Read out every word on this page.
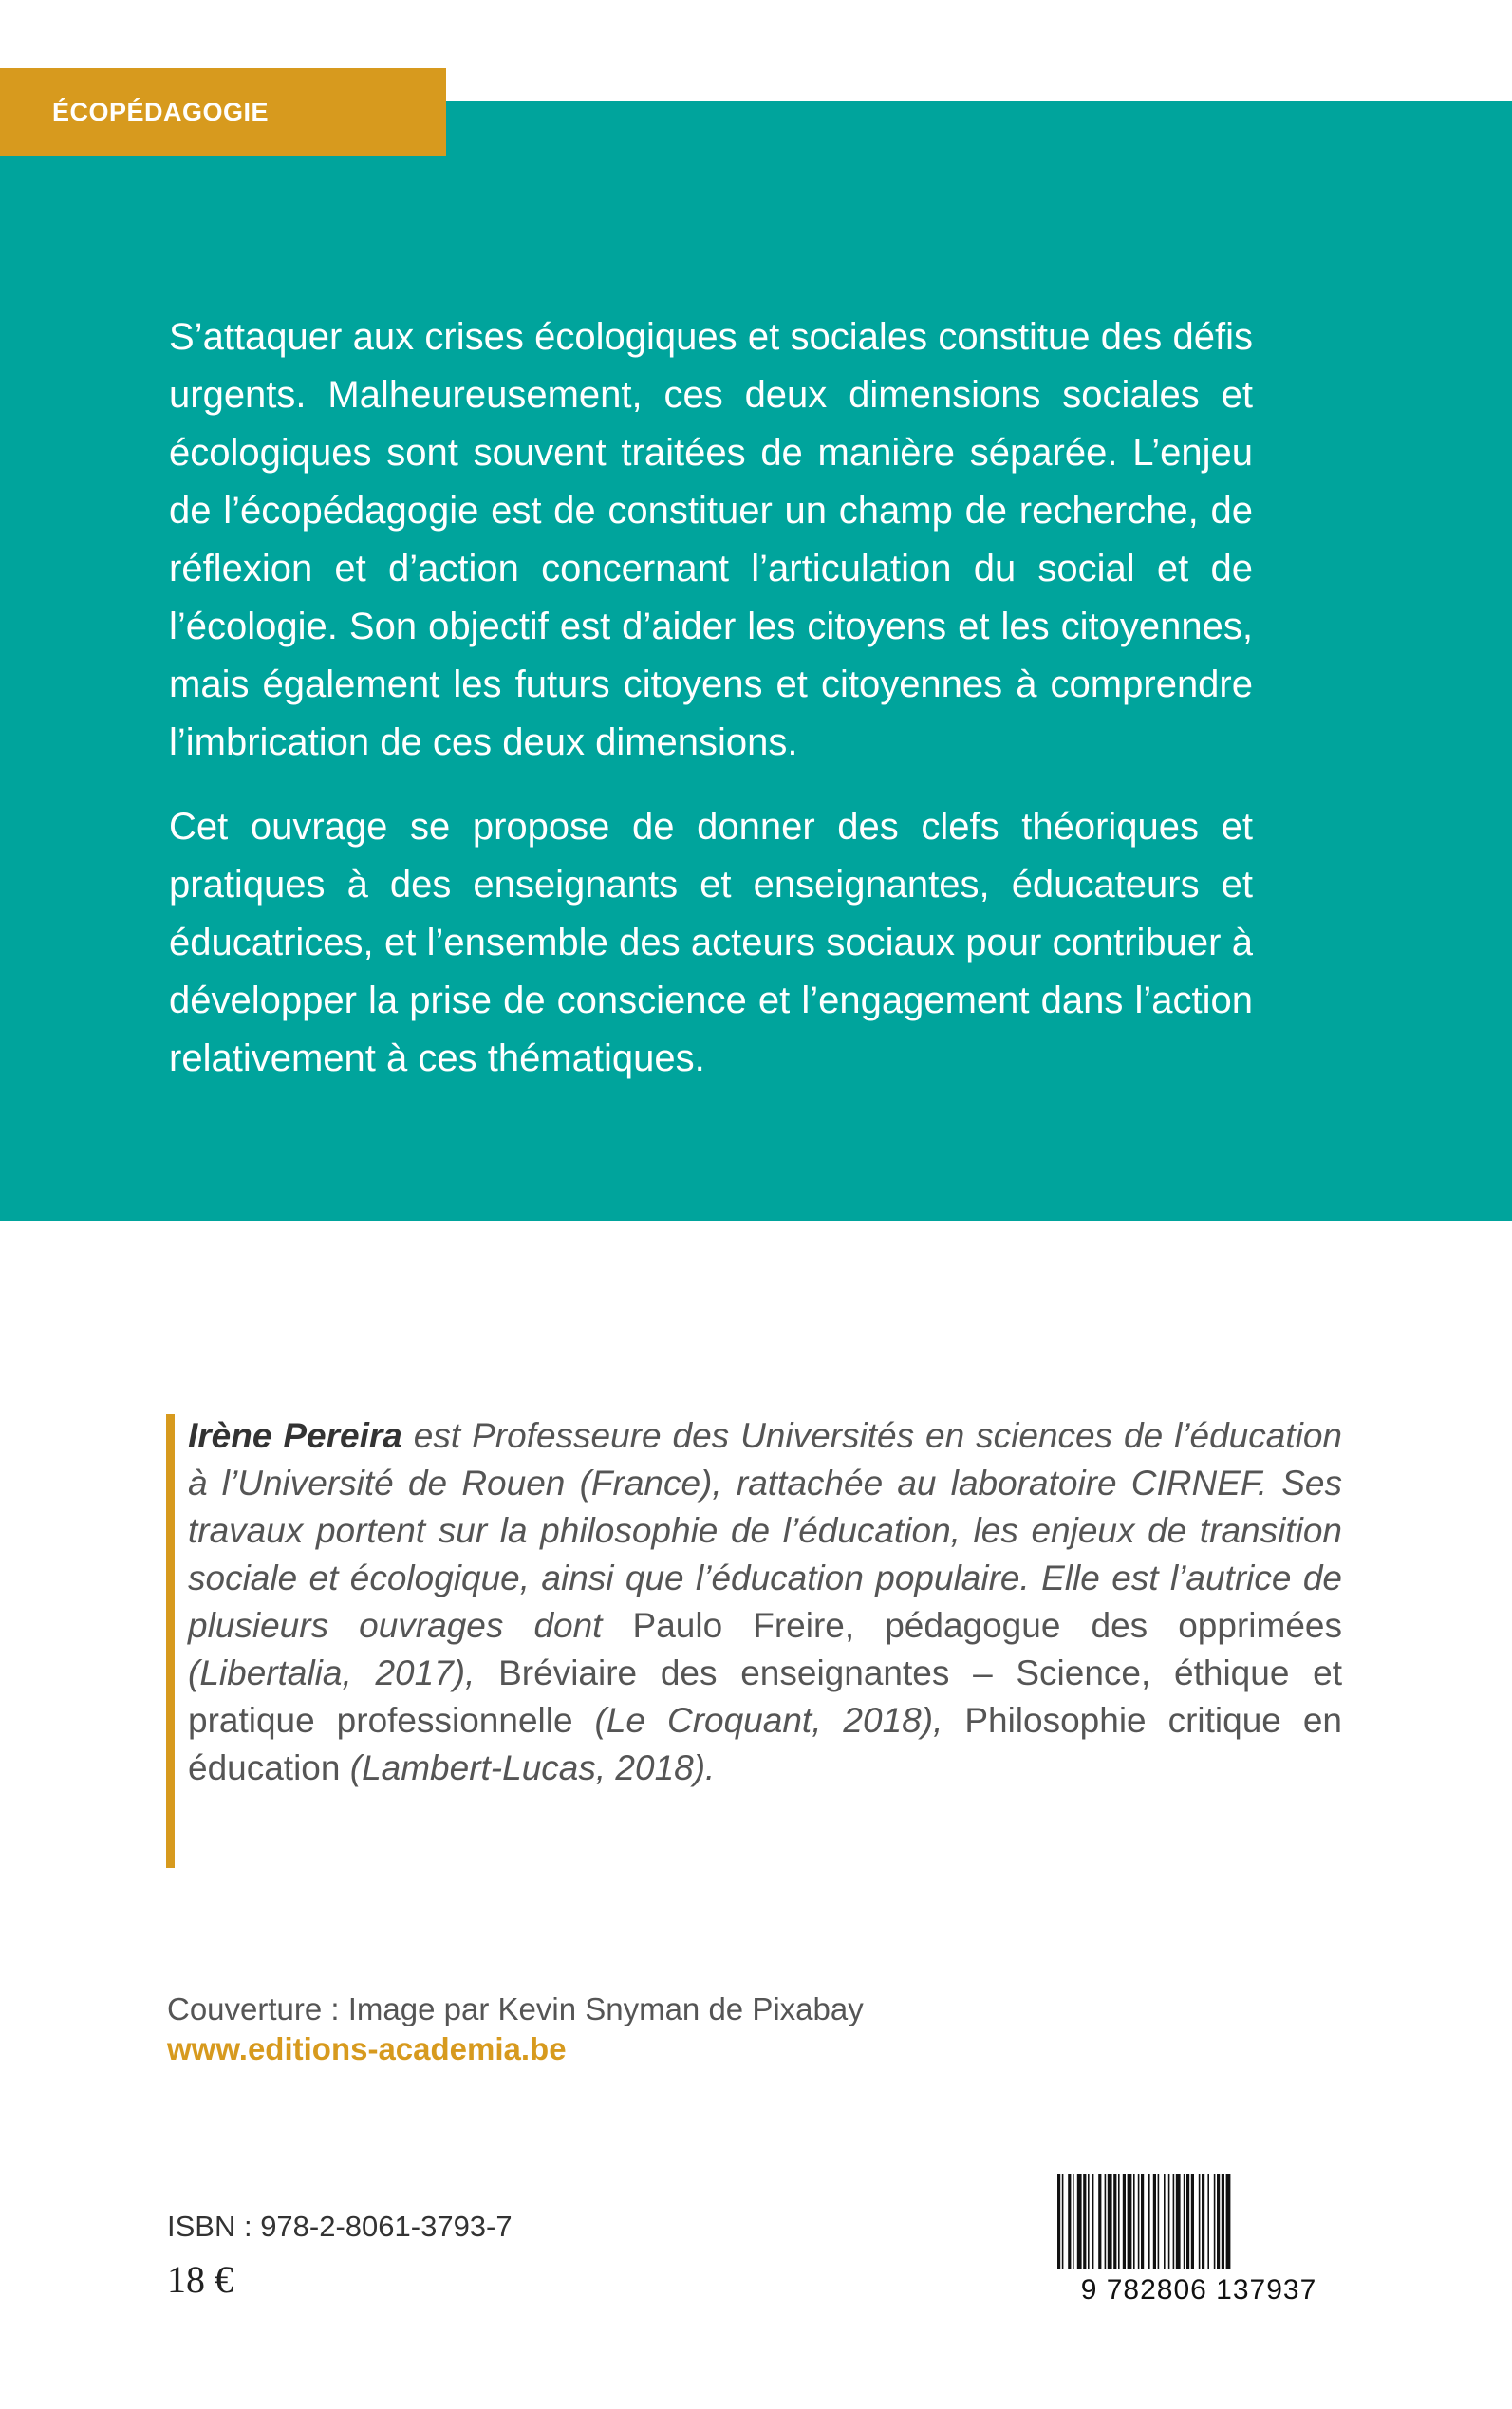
ÉCOPÉDAGOGIE

S’attaquer aux crises écologiques et sociales constitue des défis urgents. Malheureusement, ces deux dimensions sociales et écologiques sont souvent traitées de manière séparée. L’enjeu de l’écopédagogie est de constituer un champ de recherche, de réflexion et d’action concernant l’articulation du social et de l’écologie. Son objectif est d’aider les citoyens et les citoyennes, mais également les futurs citoyens et citoyennes à comprendre l’imbrication de ces deux dimensions.

Cet ouvrage se propose de donner des clefs théoriques et pratiques à des enseignants et enseignantes, éducateurs et éducatrices, et l’ensemble des acteurs sociaux pour contribuer à développer la prise de conscience et l’engagement dans l’action relativement à ces thématiques.

Irène Pereira est Professeure des Universités en sciences de l’éducation à l’Université de Rouen (France), rattachée au laboratoire CIRNEF. Ses travaux portent sur la philosophie de l’éducation, les enjeux de transition sociale et écologique, ainsi que l’éducation populaire. Elle est l’autrice de plusieurs ouvrages dont Paulo Freire, pédagogue des opprimées (Libertalia, 2017), Bréviaire des enseignantes – Science, éthique et pratique professionnelle (Le Croquant, 2018), Philosophie critique en éducation (Lambert-Lucas, 2018).
Couverture : Image par Kevin Snyman de Pixabay
www.editions-academia.be
ISBN : 978-2-8061-3793-7
18 €	9 782806 137937
